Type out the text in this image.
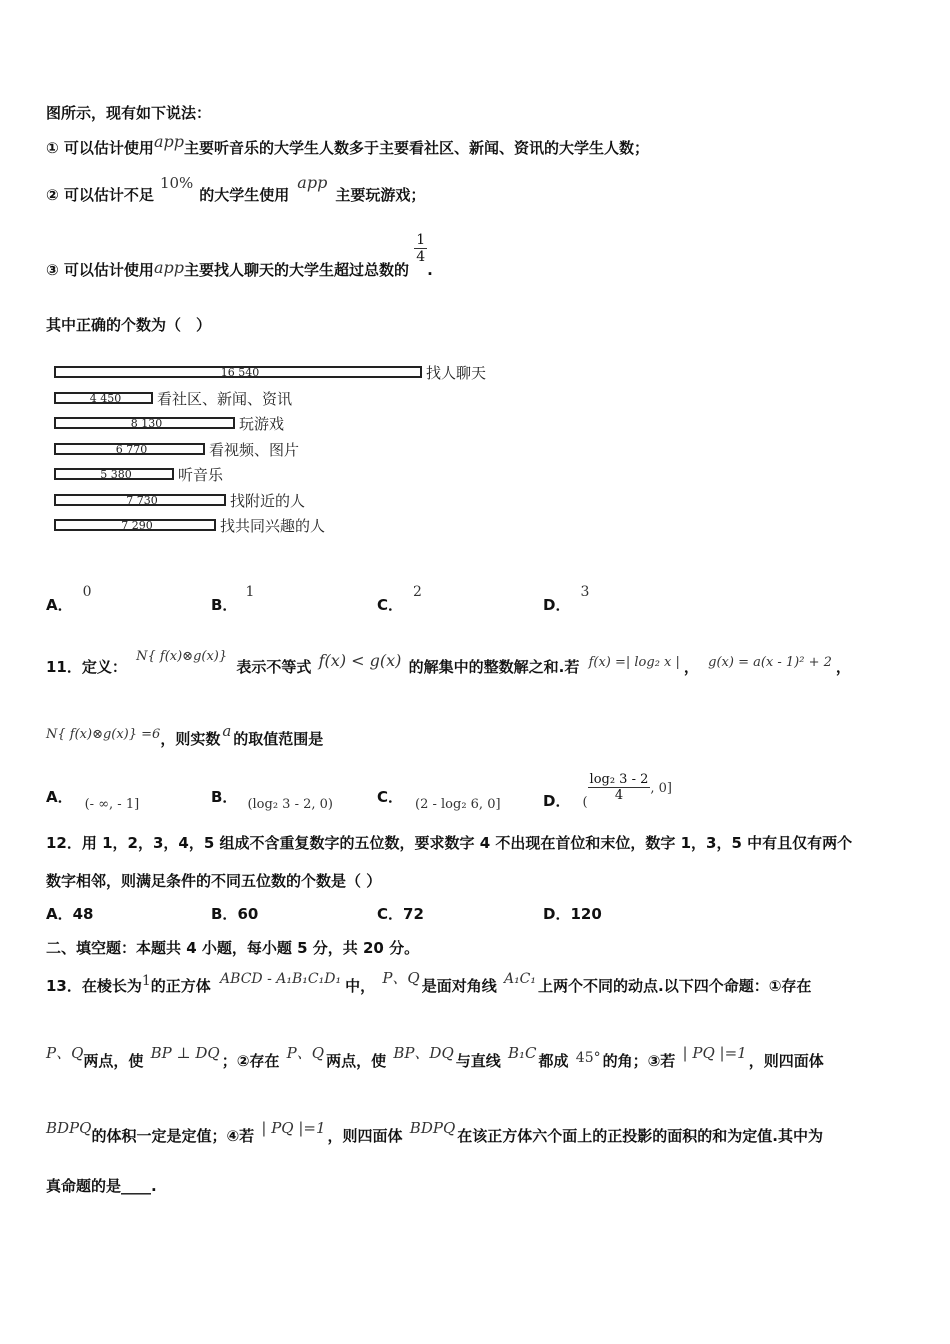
图所示，现有如下说法：
① 可以估计使用app主要听音乐的大学生人数多于主要看社区、新闻、资讯的大学生人数；
② 可以估计不足10%的大学生使用app主要玩游戏；
③ 可以估计使用app主要找人聊天的大学生超过总数的
$\frac{1}{4}$
.
其中正确的个数为（　）
16 540	找人聊天
4 450 看社区、新闻、资讯
8 130	玩游戏
6 770	看视频、图片
5 380	听音乐
7 730	找附近的人
7 290	找共同兴趣的人
A．0
B．1
C．2
D．3
11．定义： N{ f(x)⊗g(x)} 表示不等式 f(x) < g(x) 的解集中的整数解之和.若 f(x) =| log₂ x | ， g(x) = a(x - 1)² + 2 ，
N{ f(x)⊗g(x)} =6，则实数 a 的取值范围是
A． (- ∞, - 1]	B． (log₂ 3 - 2, 0)	C． (2 - log₂ 6, 0]	D． ( $\frac{\text{log₂ 3 - 2}}{4}$ , 0]
12．用 1，2，3，4，5 组成不含重复数字的五位数，要求数字 4 不出现在首位和末位，数字 1，3，5 中有且仅有两个
数字相邻，则满足条件的不同五位数的个数是（ ）
A．48	B．60	C．72	D．120
二、填空题：本题共 4 小题，每小题 5 分，共 20 分。
13．在棱长为1的正方体 ABCD - A₁B₁C₁D₁ 中， P、Q 是面对角线 A₁C₁ 上两个不同的动点.以下四个命题：①存在
P、Q两点，使 BP ⊥ DQ ；②存在 P、Q 两点，使 BP、DQ 与直线 B₁C 都成 45° 的角；③若 | PQ |=1 ，则四面体
BDPQ的体积一定是定值；④若 | PQ |=1 ，则四面体 BDPQ 在该正方体六个面上的正投影的面积的和为定值.其中为
真命题的是____.
